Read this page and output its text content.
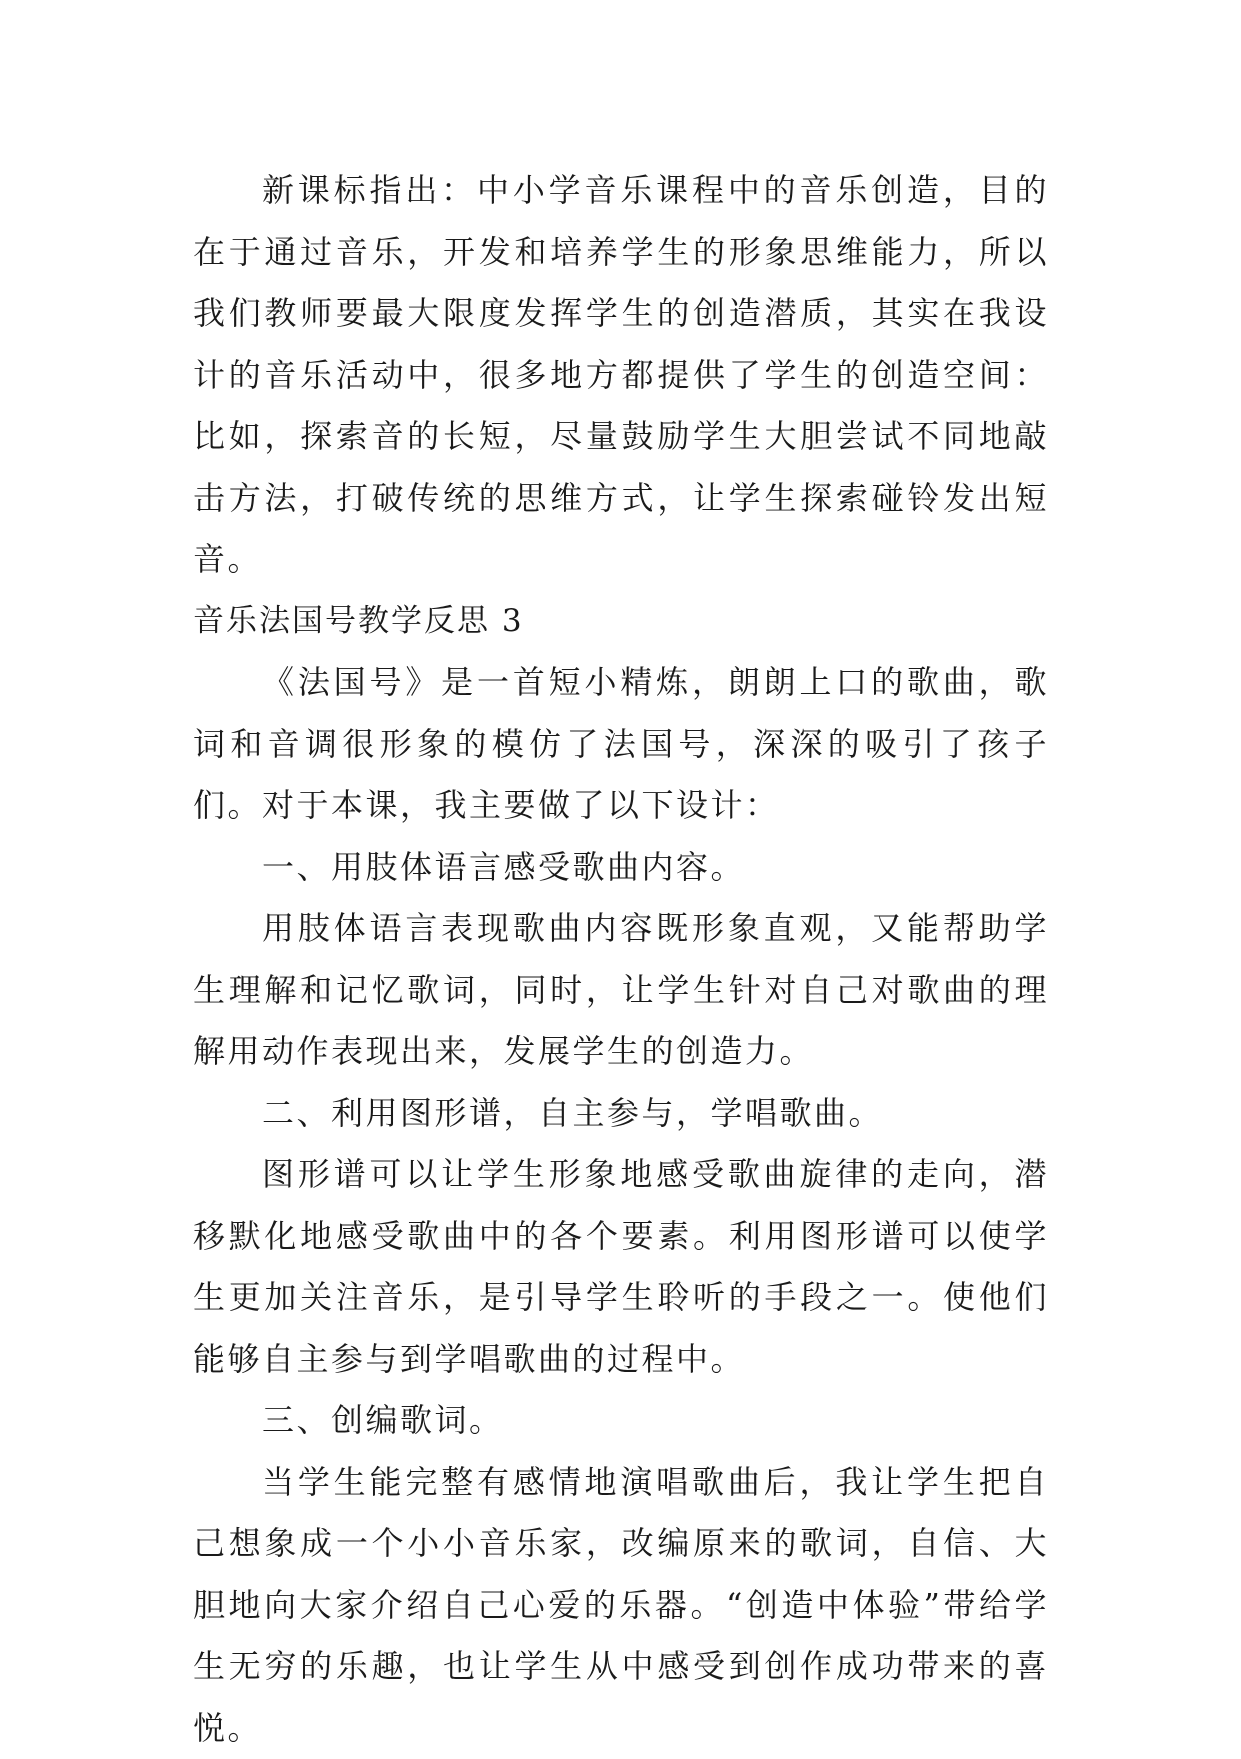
新课标指出：中小学音乐课程中的音乐创造，目的在于通过音乐，开发和培养学生的形象思维能力，所以我们教师要最大限度发挥学生的创造潜质，其实在我设计的音乐活动中，很多地方都提供了学生的创造空间：比如，探索音的长短，尽量鼓励学生大胆尝试不同地敲击方法，打破传统的思维方式，让学生探索碰铃发出短音。

音乐法国号教学反思 3

《法国号》是一首短小精炼，朗朗上口的歌曲，歌词和音调很形象的模仿了法国号，深深的吸引了孩子们。对于本课，我主要做了以下设计：

一、用肢体语言感受歌曲内容。

用肢体语言表现歌曲内容既形象直观，又能帮助学生理解和记忆歌词，同时，让学生针对自己对歌曲的理解用动作表现出来，发展学生的创造力。

二、利用图形谱，自主参与，学唱歌曲。

图形谱可以让学生形象地感受歌曲旋律的走向，潜移默化地感受歌曲中的各个要素。利用图形谱可以使学生更加关注音乐，是引导学生聆听的手段之一。使他们能够自主参与到学唱歌曲的过程中。

三、创编歌词。

当学生能完整有感情地演唱歌曲后，我让学生把自己想象成一个小小音乐家，改编原来的歌词，自信、大胆地向大家介绍自己心爱的乐器。“创造中体验”带给学生无穷的乐趣，也让学生从中感受到创作成功带来的喜悦。
